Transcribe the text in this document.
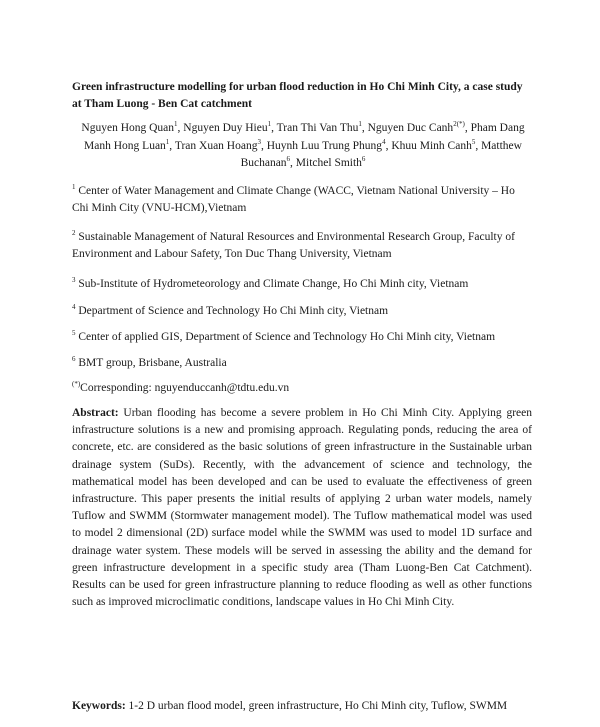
Green infrastructure modelling for urban flood reduction in Ho Chi Minh City, a case study at Tham Luong - Ben Cat catchment
Nguyen Hong Quan$^1$, Nguyen Duy Hieu$^1$, Tran Thi Van Thu$^1$, Nguyen Duc Canh$^{2(*)}$, Pham Dang
Manh Hong Luan$^1$, Tran Xuan Hoang$^3$, Huynh Luu Trung Phung$^4$, Khuu Minh Canh$^5$, Matthew
Buchanan$^6$, Mitchel Smith$^6$
$^1$ Center of Water Management and Climate Change (WACC, Vietnam National University – Ho Chi Minh City (VNU-HCM),Vietnam
$^2$ Sustainable Management of Natural Resources and Environmental Research Group, Faculty of Environment and Labour Safety, Ton Duc Thang University, Vietnam
$^3$ Sub-Institute of Hydrometeorology and Climate Change, Ho Chi Minh city, Vietnam
$^4$ Department of Science and Technology Ho Chi Minh city, Vietnam
$^5$ Center of applied GIS, Department of Science and Technology Ho Chi Minh city, Vietnam
$^6$ BMT group, Brisbane, Australia
(*)Corresponding: nguyenduccanh@tdtu.edu.vn
Abstract: Urban flooding has become a severe problem in Ho Chi Minh City. Applying green infrastructure solutions is a new and promising approach. Regulating ponds, reducing the area of concrete, etc. are considered as the basic solutions of green infrastructure in the Sustainable urban drainage system (SuDs). Recently, with the advancement of science and technology, the mathematical model has been developed and can be used to evaluate the effectiveness of green infrastructure. This paper presents the initial results of applying 2 urban water models, namely Tuflow and SWMM (Stormwater management model). The Tuflow mathematical model was used to model 2 dimensional (2D) surface model while the SWMM was used to model 1D surface and drainage water system. These models will be served in assessing the ability and the demand for green infrastructure development in a specific study area (Tham Luong-Ben Cat Catchment). Results can be used for green infrastructure planning to reduce flooding as well as other functions such as improved microclimatic conditions, landscape values in Ho Chi Minh City.
Keywords: 1-2 D urban flood model, green infrastructure, Ho Chi Minh city, Tuflow, SWMM
